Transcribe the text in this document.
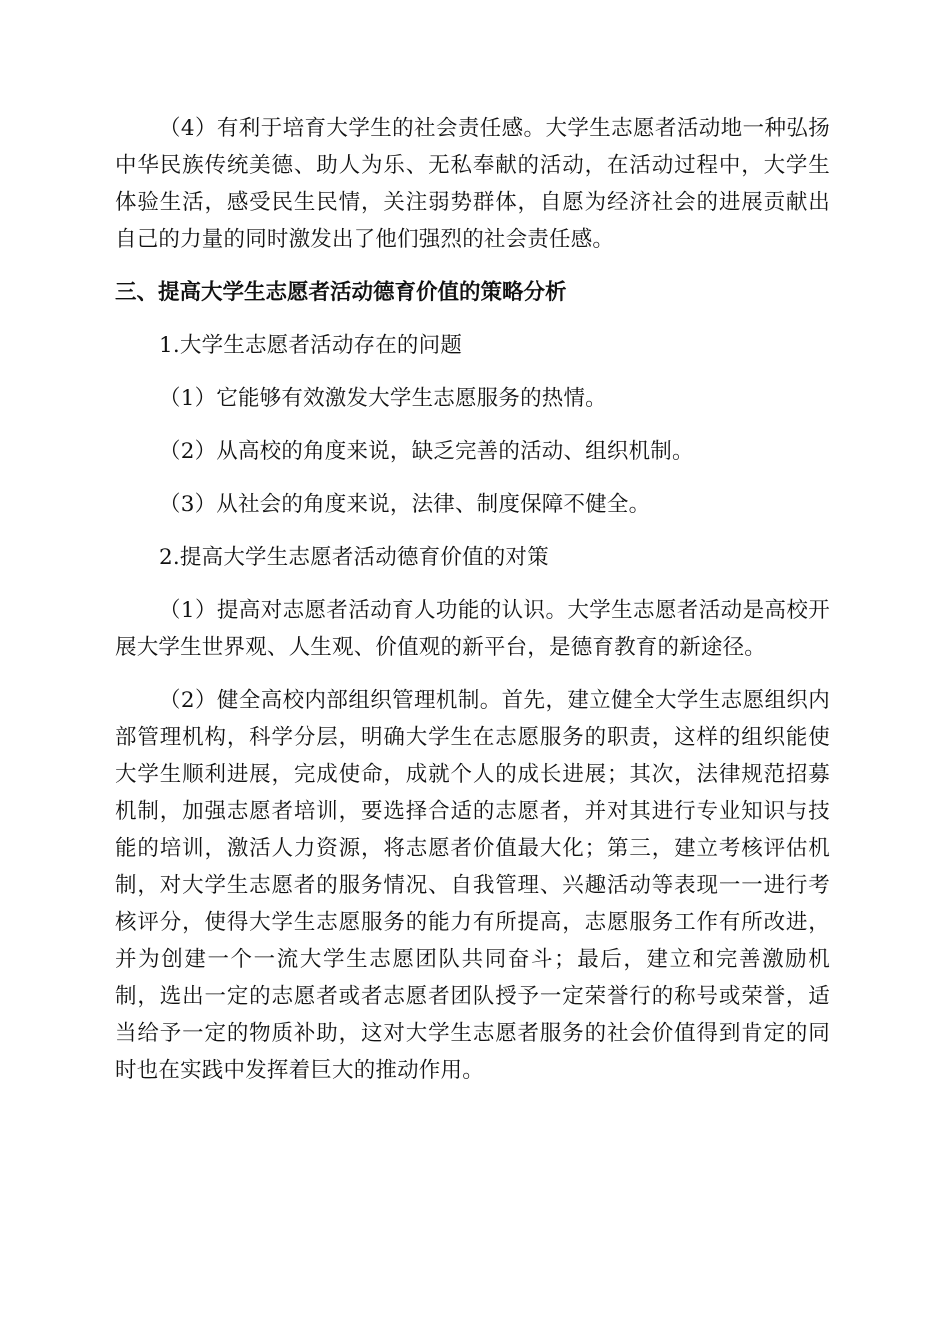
（4）有利于培育大学生的社会责任感。大学生志愿者活动地一种弘扬中华民族传统美德、助人为乐、无私奉献的活动，在活动过程中，大学生体验生活，感受民生民情，关注弱势群体，自愿为经济社会的进展贡献出自己的力量的同时激发出了他们强烈的社会责任感。

三、提高大学生志愿者活动德育价值的策略分析

1.大学生志愿者活动存在的问题

（1）它能够有效激发大学生志愿服务的热情。

（2）从高校的角度来说，缺乏完善的活动、组织机制。

（3）从社会的角度来说，法律、制度保障不健全。

2.提高大学生志愿者活动德育价值的对策

（1）提高对志愿者活动育人功能的认识。大学生志愿者活动是高校开展大学生世界观、人生观、价值观的新平台，是德育教育的新途径。

（2）健全高校内部组织管理机制。首先，建立健全大学生志愿组织内部管理机构，科学分层，明确大学生在志愿服务的职责，这样的组织能使大学生顺利进展，完成使命，成就个人的成长进展；其次，法律规范招募机制，加强志愿者培训，要选择合适的志愿者，并对其进行专业知识与技能的培训，激活人力资源，将志愿者价值最大化；第三，建立考核评估机制，对大学生志愿者的服务情况、自我管理、兴趣活动等表现一一进行考核评分，使得大学生志愿服务的能力有所提高，志愿服务工作有所改进，并为创建一个一流大学生志愿团队共同奋斗；最后，建立和完善激励机制，选出一定的志愿者或者志愿者团队授予一定荣誉行的称号或荣誉，适当给予一定的物质补助，这对大学生志愿者服务的社会价值得到肯定的同时也在实践中发挥着巨大的推动作用。
